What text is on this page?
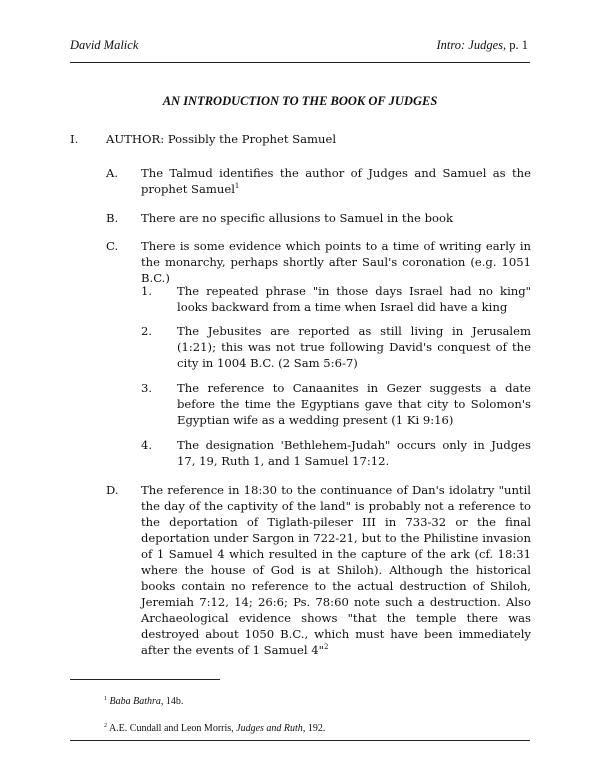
David Malick	Intro: Judges, p. 1
AN INTRODUCTION TO THE BOOK OF JUDGES
I. AUTHOR: Possibly the Prophet Samuel
A. The Talmud identifies the author of Judges and Samuel as the prophet Samuel$^1$
B. There are no specific allusions to Samuel in the book
C. There is some evidence which points to a time of writing early in the monarchy, perhaps shortly after Saul's coronation (e.g. 1051 B.C.)
1. The repeated phrase "in those days Israel had no king" looks backward from a time when Israel did have a king
2. The Jebusites are reported as still living in Jerusalem (1:21); this was not true following David's conquest of the city in 1004 B.C. (2 Sam 5:6-7)
3. The reference to Canaanites in Gezer suggests a date before the time the Egyptians gave that city to Solomon's Egyptian wife as a wedding present (1 Ki 9:16)
4. The designation 'Bethlehem-Judah" occurs only in Judges 17, 19, Ruth 1, and 1 Samuel 17:12.
D. The reference in 18:30 to the continuance of Dan's idolatry "until the day of the captivity of the land" is probably not a reference to the deportation of Tiglath-pileser III in 733-32 or the final deportation under Sargon in 722-21, but to the Philistine invasion of 1 Samuel 4 which resulted in the capture of the ark (cf. 18:31 where the house of God is at Shiloh). Although the historical books contain no reference to the actual destruction of Shiloh, Jeremiah 7:12, 14; 26:6; Ps. 78:60 note such a destruction. Also Archaeological evidence shows "that the temple there was destroyed about 1050 B.C., which must have been immediately after the events of 1 Samuel 4"$^2$
$^1$ Baba Bathra, 14b.
$^2$ A.E. Cundall and Leon Morris, Judges and Ruth, 192.
